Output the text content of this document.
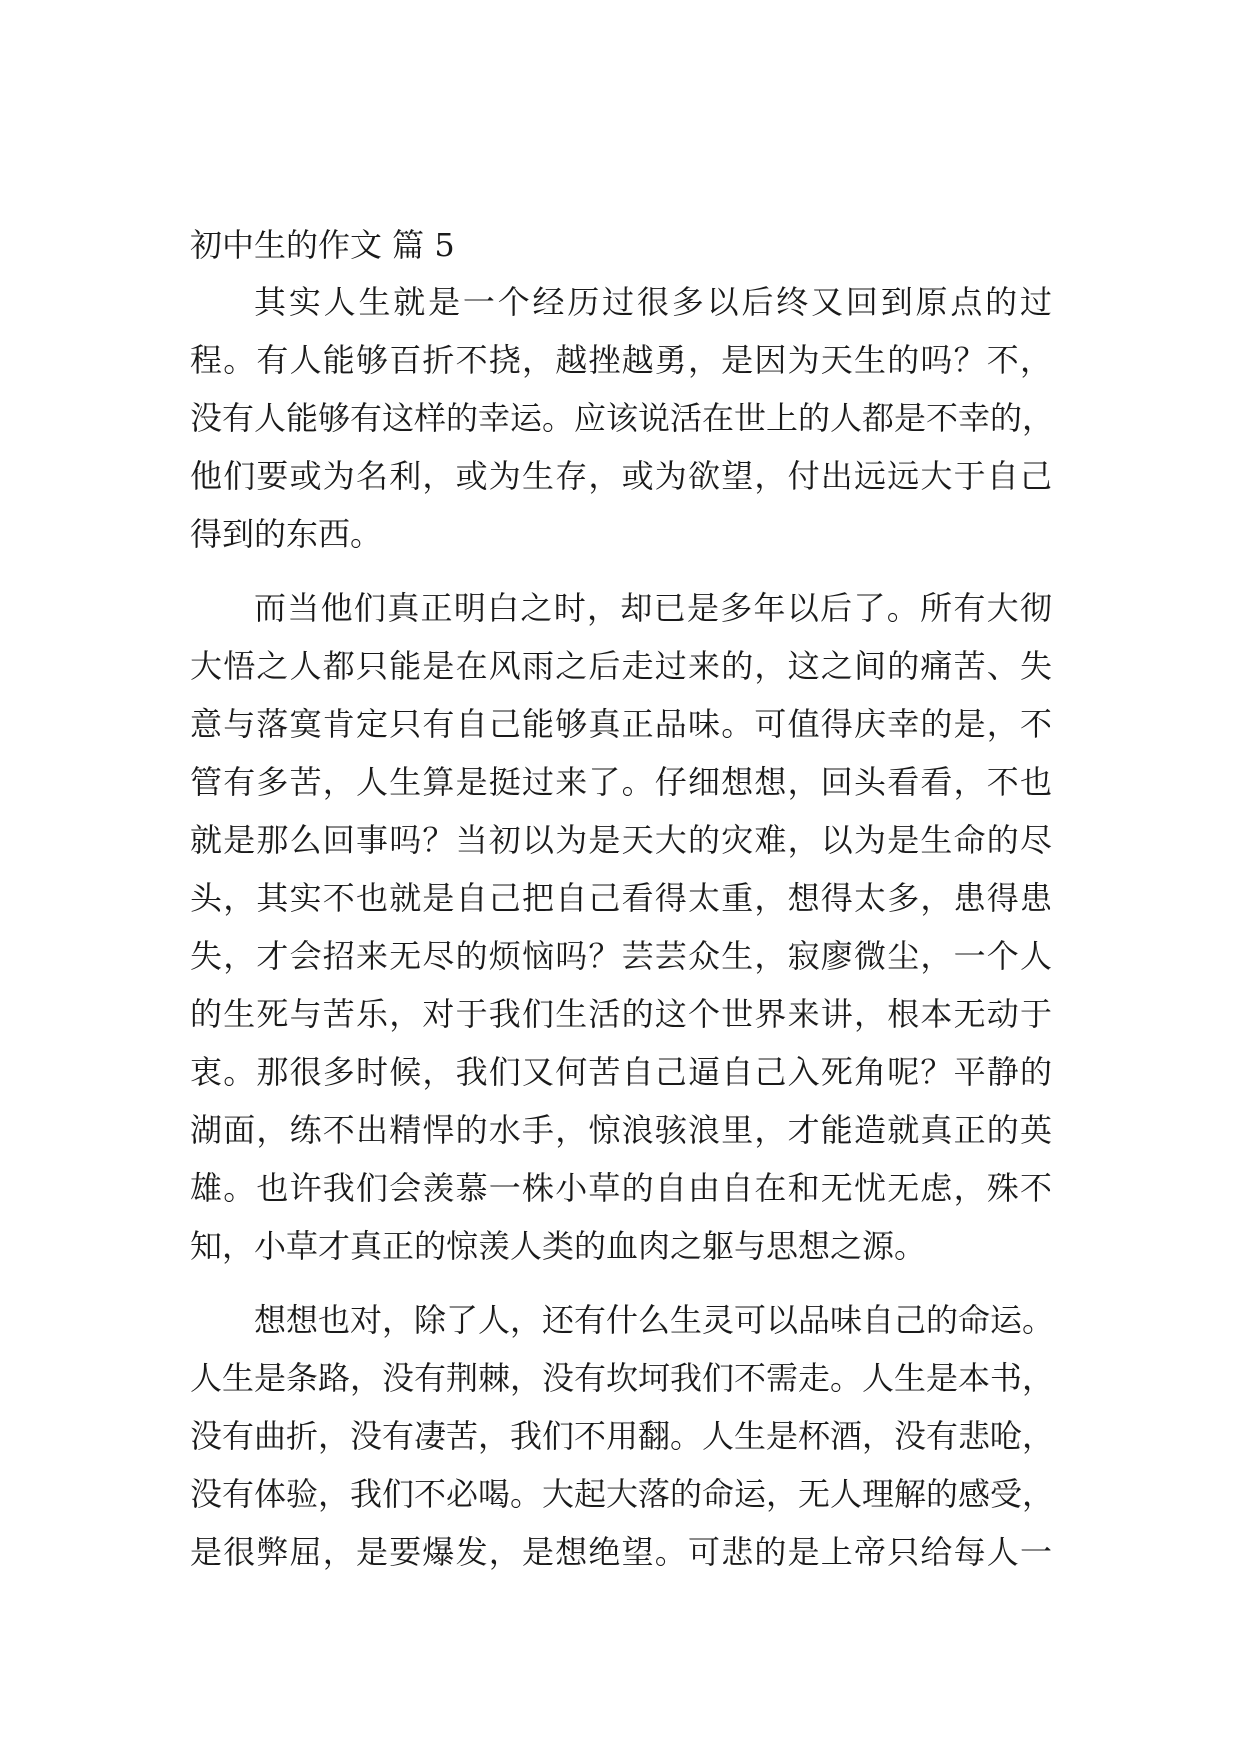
初中生的作文 篇 5
其实人生就是一个经历过很多以后终又回到原点的过
程。有人能够百折不挠，越挫越勇，是因为天生的吗？不，
没有人能够有这样的幸运。应该说活在世上的人都是不幸的，
他们要或为名利，或为生存，或为欲望，付出远远大于自己
得到的东西。
而当他们真正明白之时，却已是多年以后了。所有大彻
大悟之人都只能是在风雨之后走过来的，这之间的痛苦、失
意与落寞肯定只有自己能够真正品味。可值得庆幸的是，不
管有多苦，人生算是挺过来了。仔细想想，回头看看，不也
就是那么回事吗？当初以为是天大的灾难，以为是生命的尽
头，其实不也就是自己把自己看得太重，想得太多，患得患
失，才会招来无尽的烦恼吗？芸芸众生，寂廖微尘，一个人
的生死与苦乐，对于我们生活的这个世界来讲，根本无动于
衷。那很多时候，我们又何苦自己逼自己入死角呢？平静的
湖面，练不出精悍的水手，惊浪骇浪里，才能造就真正的英
雄。也许我们会羡慕一株小草的自由自在和无忧无虑，殊不
知，小草才真正的惊羡人类的血肉之躯与思想之源。
想想也对，除了人，还有什么生灵可以品味自己的命运。
人生是条路，没有荆棘，没有坎坷我们不需走。人生是本书，
没有曲折，没有凄苦，我们不用翻。人生是杯酒，没有悲呛，
没有体验，我们不必喝。大起大落的命运，无人理解的感受，
是很弊屈，是要爆发，是想绝望。可悲的是上帝只给每人一
